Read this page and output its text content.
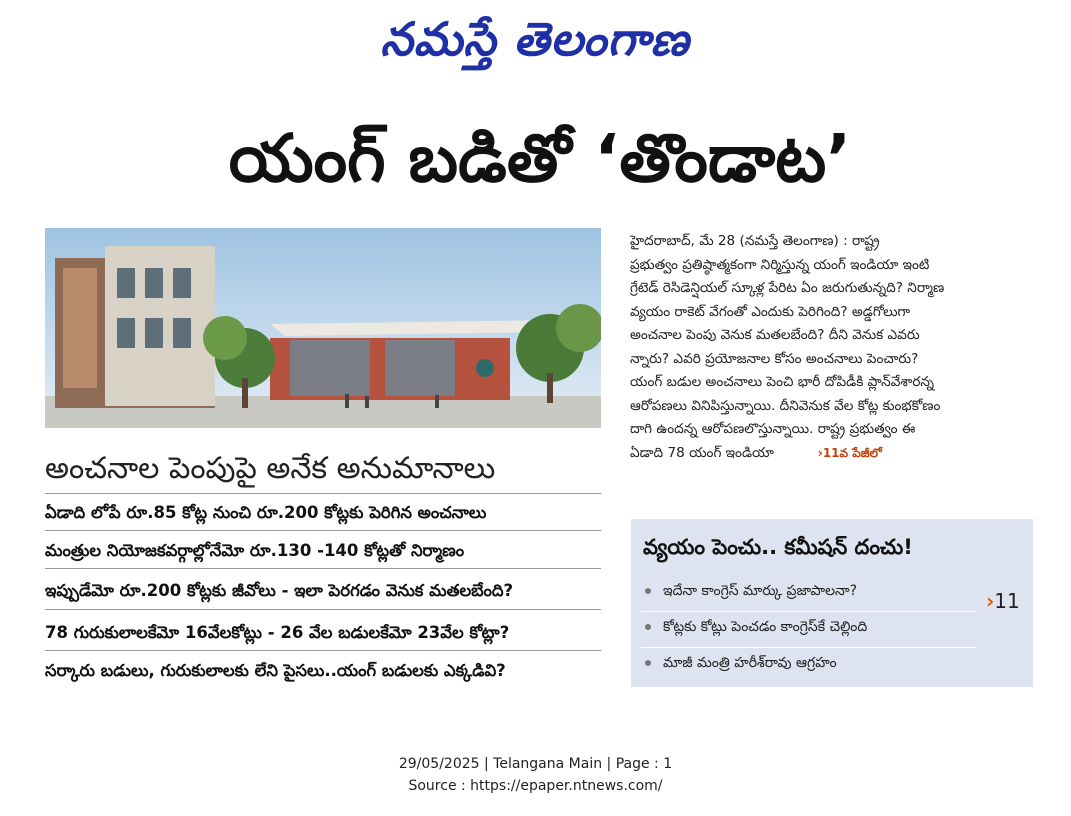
నమస్తే తెలంగాణ
యంగ్ బడితో ‘తొండాట’
అంచనాల పెంపుపై అనేక అనుమానాలు
ఏడాది లోపే రూ.85 కోట్ల నుంచి రూ.200 కోట్లకు పెరిగిన అంచనాలు
మంత్రుల నియోజకవర్గాల్లోనేమో రూ.130 -140 కోట్లతో నిర్మాణం
ఇప్పుడేమో రూ.200 కోట్లకు జీవోలు - ఇలా పెరగడం వెనుక మతలబేంది?
78 గురుకులాలకేమో 16వేలకోట్లు - 26 వేల బడులకేమో 23వేల కోట్లా?
సర్కారు బడులు, గురుకులాలకు లేని పైసలు..యంగ్ బడులకు ఎక్కడివి?
హైదరాబాద్, మే 28 (నమస్తే తెలంగాణ) : రాష్ట్ర
ప్రభుత్వం ప్రతిష్ఠాత్మకంగా నిర్మిస్తున్న యంగ్ ఇండియా ఇంటి
గ్రేటెడ్ రెసిడెన్షియల్ స్కూళ్ల పేరిట ఏం జరుగుతున్నది? నిర్మాణ
వ్యయం రాకెట్ వేగంతో ఎందుకు పెరిగింది? అడ్డగోలుగా
అంచనాల పెంపు వెనుక మతలబేంది? దీని వెనుక ఎవరు
న్నారు? ఎవరి ప్రయోజనాల కోసం అంచనాలు పెంచారు?
యంగ్ బడుల అంచనాలు పెంచి భారీ దోపిడీకి ప్లాన్‌వేశారన్న
ఆరోపణలు వినిపిస్తున్నాయి. దీనివెనుక వేల కోట్ల కుంభకోణం
దాగి ఉందన్న ఆరోపణలొస్తున్నాయి. రాష్ట్ర ప్రభుత్వం ఈ
ఏడాది 78 యంగ్ ఇండియా	›11వ పేజీలో
వ్యయం పెంచు.. కమీషన్ దంచు!
ఇదేనా కాంగ్రెస్ మార్కు ప్రజాపాలనా?
కోట్లకు కోట్లు పెంచడం కాంగ్రెస్‌కే చెల్లింది
మాజీ మంత్రి హరీశ్‌రావు ఆగ్రహం
›11
29/05/2025 | Telangana Main | Page : 1
Source : https://epaper.ntnews.com/
